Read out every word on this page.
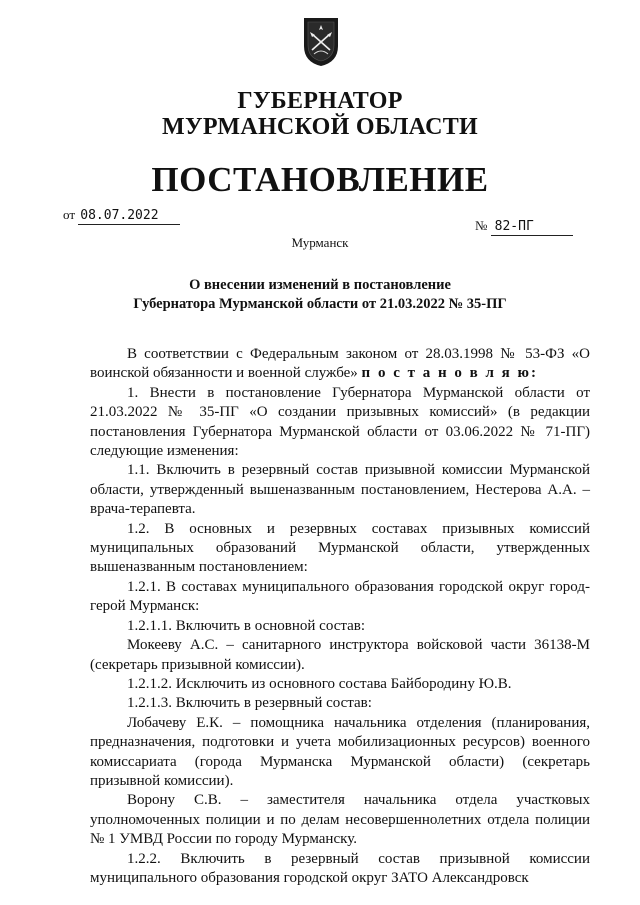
ГУБЕРНАТОР
МУРМАНСКОЙ ОБЛАСТИ
ПОСТАНОВЛЕНИЕ
от 08.07.2022
№ 82-ПГ
Мурманск
О внесении изменений в постановление
Губернатора Мурманской области от 21.03.2022 № 35-ПГ

В соответствии с Федеральным законом от 28.03.1998 № 53-ФЗ «О воинской обязанности и военной службе» п о с т а н о в л я ю:

1. Внести в постановление Губернатора Мурманской области от 21.03.2022 № 35-ПГ «О создании призывных комиссий» (в редакции постановления Губернатора Мурманской области от 03.06.2022 № 71-ПГ) следующие изменения:

1.1. Включить в резервный состав призывной комиссии Мурманской области, утвержденный вышеназванным постановлением, Нестерова А.А. – врача-терапевта.

1.2. В основных и резервных составах призывных комиссий муниципальных образований Мурманской области, утвержденных вышеназванным постановлением:

1.2.1. В составах муниципального образования городской округ город-герой Мурманск:

1.2.1.1. Включить в основной состав:

Мокееву А.С. – санитарного инструктора войсковой части 36138-М (секретарь призывной комиссии).

1.2.1.2. Исключить из основного состава Байбородину Ю.В.

1.2.1.3. Включить в резервный состав:

Лобачеву Е.К. – помощника начальника отделения (планирования, предназначения, подготовки и учета мобилизационных ресурсов) военного комиссариата (города Мурманска Мурманской области) (секретарь призывной комиссии).

Ворону С.В. – заместителя начальника отдела участковых уполномоченных полиции и по делам несовершеннолетних отдела полиции № 1 УМВД России по городу Мурманску.

1.2.2. Включить в резервный состав призывной комиссии муниципального образования городской округ ЗАТО Александровск
